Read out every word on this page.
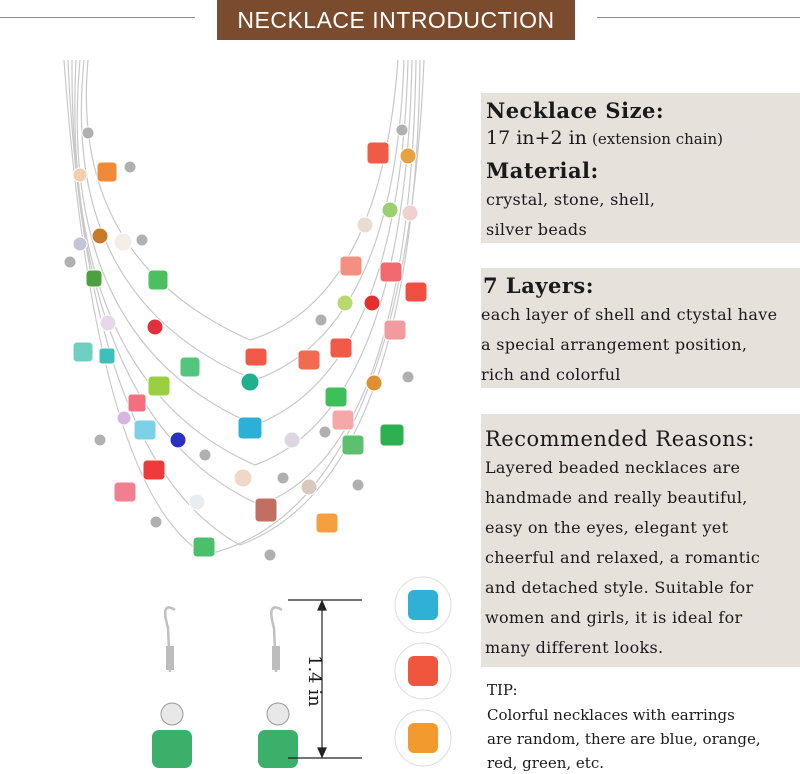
NECKLACE INTRODUCTION
1.4 in
Necklace Size:
17 in+2 in (extension chain)
Material:
crystal, stone, shell,
silver beads
7 Layers:
each layer of shell and ctystal have
a special arrangement position,
rich and colorful
Recommended Reasons:
Layered beaded necklaces are
handmade and really beautiful,
easy on the eyes, elegant yet
cheerful and relaxed, a romantic
and detached style. Suitable for
women and girls, it is ideal for
many different looks.
TIP:
Colorful necklaces with earrings
are random, there are blue, orange,
red, green, etc.
